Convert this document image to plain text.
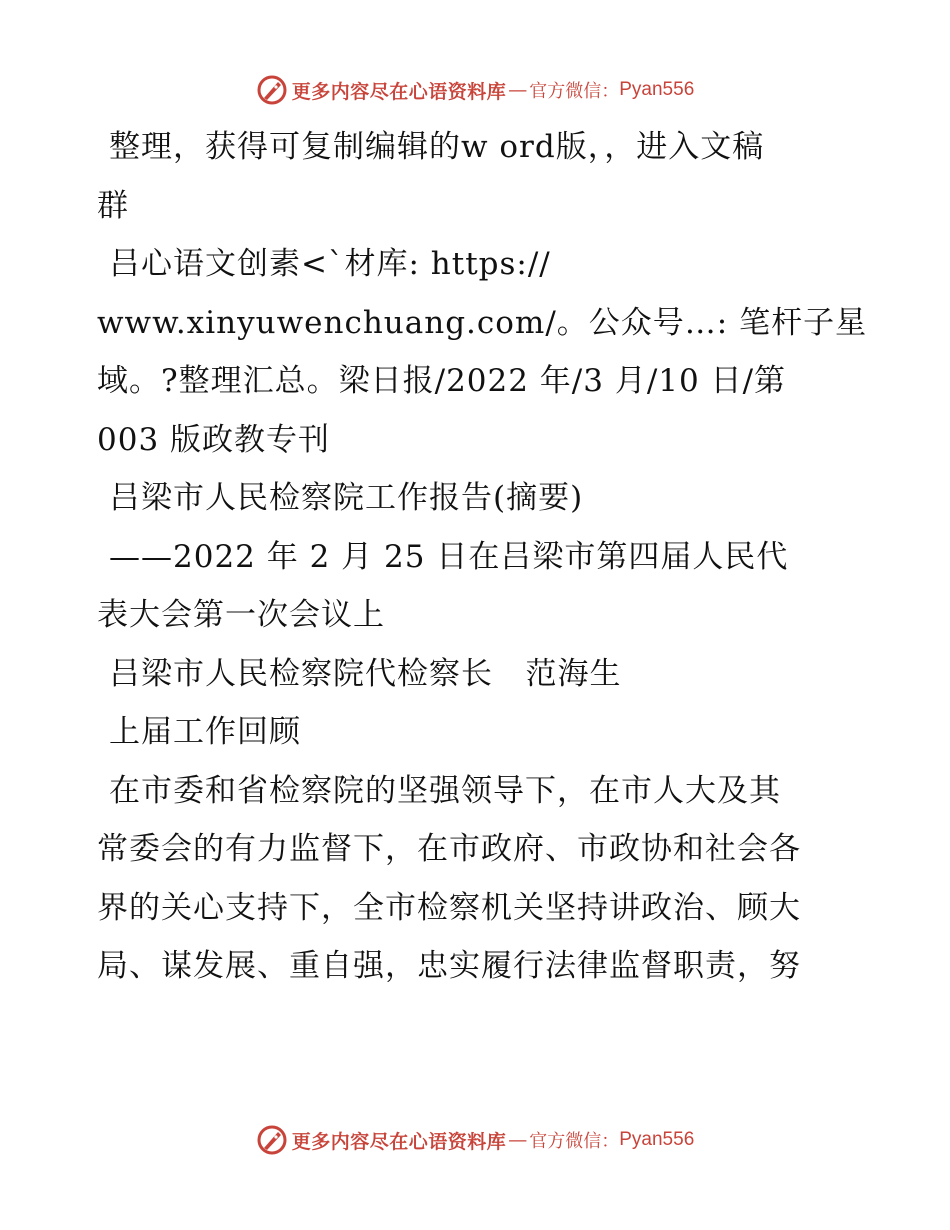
更多内容尽在心语资料库 — 官方微信： Pyan556

整理，获得可复制编辑的w ord版，，进入文稿
群

吕心语文创素<`材库: https://
www.xinyuwenchuang.com/。公众号…: 笔杆子星
域。?整理汇总。梁日报/2022 年/3 月/10 日/第
003 版政教专刊

吕梁市人民检察院工作报告(摘要)

——2022 年 2 月 25 日在吕梁市第四届人民代
表大会第一次会议上

吕梁市人民检察院代检察长   范海生

上届工作回顾

在市委和省检察院的坚强领导下，在市人大及其
常委会的有力监督下，在市政府、市政协和社会各
界的关心支持下，全市检察机关坚持讲政治、顾大
局、谋发展、重自强，忠实履行法律监督职责，努

更多内容尽在心语资料库 — 官方微信： Pyan556
